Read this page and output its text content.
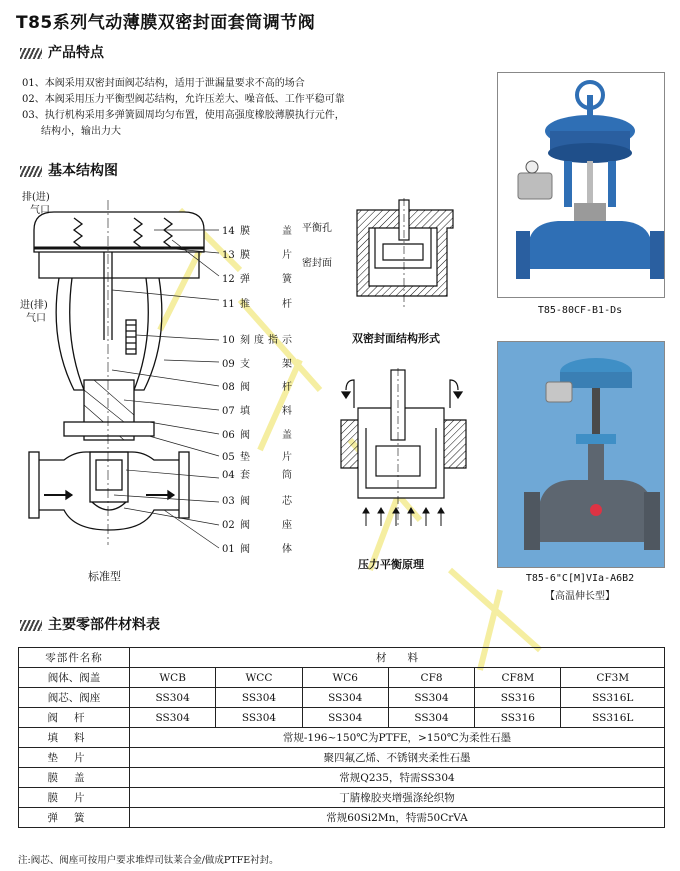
T85系列气动薄膜双密封面套筒调节阀
产品特点
01、本阀采用双密封面阀芯结构，适用于泄漏量要求不高的场合
02、本阀采用压力平衡型阀芯结构，允许压差大、噪音低、工作平稳可靠
03、执行机构采用多弹簧圆周均匀布置，使用高强度橡胶薄膜执行元件，
结构小，输出力大
基本结构图
排(进)
气口
进(排)
气口
14 膜盖
13 膜片
12 弹簧
11 推杆
10 刻度指示
09 支架
08 阀杆
07 填料
06 阀盖
05 垫片
04 套筒
03 阀芯
02 阀座
01 阀体
标准型
平衡孔
密封面
双密封面结构形式
压力平衡原理
T85-80CF-B1-Ds
T85-6"C[M]VIa-A6B2
【高温伸长型】
主要零部件材料表
零部件名称	材　　料					
阀体、阀盖	WCB	WCC	WC6	CF8	CF8M	CF3M
阀芯、阀座	SS304	SS304	SS304	SS304	SS316	SS316L
阀杆	SS304	SS304	SS304	SS304	SS316	SS316L
填料	常规-196~150℃为PTFE，>150℃为柔性石墨					
垫片	聚四氟乙烯、不锈钢夹柔性石墨					
膜盖	常规Q235，特需SS304					
膜片	丁腈橡胶夹增强涤纶织物					
弹簧	常规60Si2Mn，特需50CrVA					
注:阀芯、阀座可按用户要求堆焊司钛莱合金/做成PTFE衬封。
